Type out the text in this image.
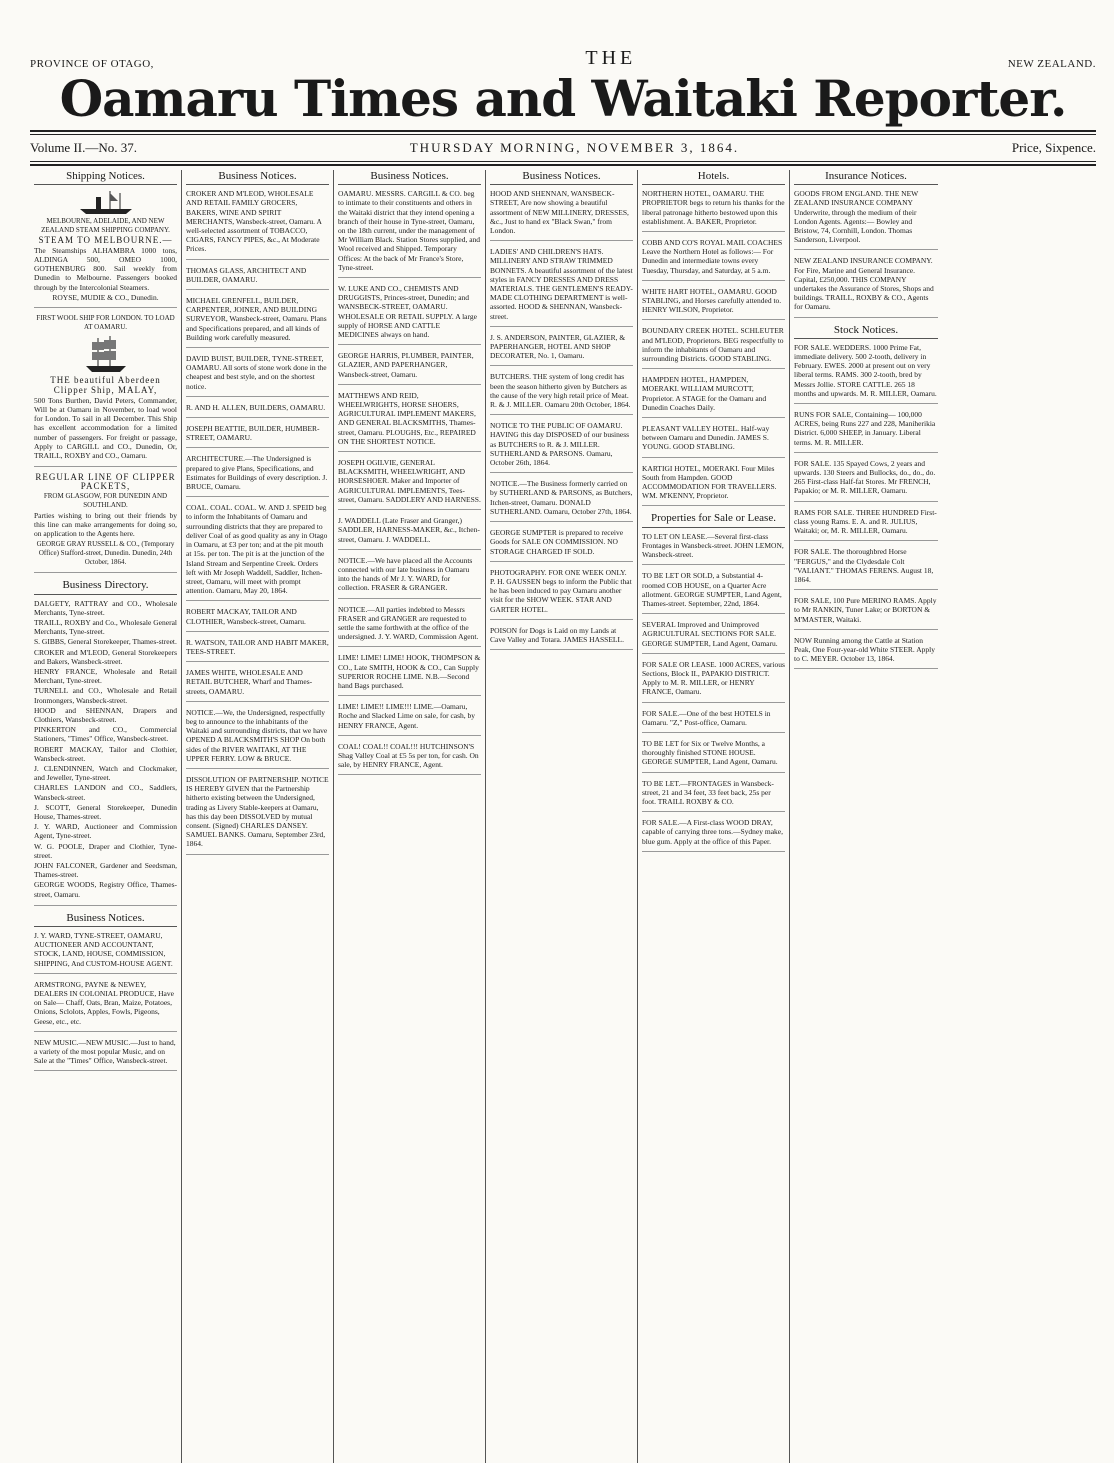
PROVINCE OF OTAGO,	THE	NEW ZEALAND.
Oamaru Times and Waitaki Reporter.
Volume II.—No. 37.	THURSDAY MORNING, NOVEMBER 3, 1864.	Price, Sixpence.
Shipping Notices.
MELBOURNE, ADELAIDE, AND NEW ZEALAND STEAM SHIPPING COMPANY.
STEAM TO MELBOURNE.—

The Steamships ALHAMBRA 1000 tons, ALDINGA 500, OMEO 1000, GOTHENBURG 800. Sail weekly from Dunedin to Melbourne. Passengers booked through by the Intercolonial Steamers.

ROYSE, MUDIE & CO., Dunedin.
FIRST WOOL SHIP FOR LONDON. TO LOAD AT OAMARU.
THE beautiful Aberdeen Clipper Ship, MALAY,

500 Tons Burthen, David Peters, Commander, Will be at Oamaru in November, to load wool for London. To sail in all December. This Ship has excellent accommodation for a limited number of passengers. For freight or passage, Apply to CARGILL and CO., Dunedin, Or, TRAILL, ROXBY and CO., Oamaru.

REGULAR LINE OF CLIPPER PACKETS,
FROM GLASGOW, FOR DUNEDIN AND SOUTHLAND.

Parties wishing to bring out their friends by this line can make arrangements for doing so, on application to the Agents here.

GEORGE GRAY RUSSELL & CO., (Temporary Office) Stafford-street, Dunedin. Dunedin, 24th October, 1864.
Business Directory.

DALGETY, RATTRAY and CO., Wholesale Merchants, Tyne-street.

TRAILL, ROXBY and Co., Wholesale General Merchants, Tyne-street.

S. GIBBS, General Storekeeper, Thames-street.

CROKER and M'LEOD, General Storekeepers and Bakers, Wansbeck-street.

HENRY FRANCE, Wholesale and Retail Merchant, Tyne-street.

TURNELL and CO., Wholesale and Retail Ironmongers, Wansbeck-street.

HOOD and SHENNAN, Drapers and Clothiers, Wansbeck-street.

PINKERTON and CO., Commercial Stationers, "Times" Office, Wansbeck-street.

ROBERT MACKAY, Tailor and Clothier, Wansbeck-street.

J. CLENDINNEN, Watch and Clockmaker, and Jeweller, Tyne-street.

CHARLES LANDON and CO., Saddlers, Wansbeck-street.

J. SCOTT, General Storekeeper, Dunedin House, Thames-street.

J. Y. WARD, Auctioneer and Commission Agent, Tyne-street.

W. G. POOLE, Draper and Clothier, Tyne-street.

JOHN FALCONER, Gardener and Seedsman, Thames-street.

GEORGE WOODS, Registry Office, Thames-street, Oamaru.

Business Notices.
J. Y. WARD, TYNE-STREET, OAMARU, AUCTIONEER AND ACCOUNTANT, STOCK, LAND, HOUSE, COMMISSION, SHIPPING, And CUSTOM-HOUSE AGENT.
ARMSTRONG, PAYNE & NEWEY, DEALERS IN COLONIAL PRODUCE, Have on Sale— Chaff, Oats, Bran, Maize, Potatoes, Onions, Sclolots, Apples, Fowls, Pigeons, Geese, etc., etc.
NEW MUSIC.—NEW MUSIC.—Just to hand, a variety of the most popular Music, and on Sale at the "Times" Office, Wansbeck-street.
Business Notices.
CROKER AND M'LEOD, WHOLESALE AND RETAIL FAMILY GROCERS, BAKERS, WINE AND SPIRIT MERCHANTS, Wansbeck-street, Oamaru. A well-selected assortment of TOBACCO, CIGARS, FANCY PIPES, &c., At Moderate Prices.
THOMAS GLASS, ARCHITECT AND BUILDER, OAMARU.
MICHAEL GRENFELL, BUILDER, CARPENTER, JOINER, AND BUILDING SURVEYOR, Wansbeck-street, Oamaru. Plans and Specifications prepared, and all kinds of Building work carefully measured.
DAVID BUIST, BUILDER, TYNE-STREET, OAMARU. All sorts of stone work done in the cheapest and best style, and on the shortest notice.
R. AND H. ALLEN, BUILDERS, OAMARU.
JOSEPH BEATTIE, BUILDER, HUMBER-STREET, OAMARU.
ARCHITECTURE.—The Undersigned is prepared to give Plans, Specifications, and Estimates for Buildings of every description. J. BRUCE, Oamaru.
COAL. COAL. COAL. W. AND J. SPEID beg to inform the Inhabitants of Oamaru and surrounding districts that they are prepared to deliver Coal of as good quality as any in Otago in Oamaru, at £3 per ton; and at the pit mouth at 15s. per ton. The pit is at the junction of the Island Stream and Serpentine Creek. Orders left with Mr Joseph Waddell, Saddler, Itchen-street, Oamaru, will meet with prompt attention. Oamaru, May 20, 1864.
ROBERT MACKAY, TAILOR AND CLOTHIER, Wansbeck-street, Oamaru.
R. WATSON, TAILOR AND HABIT MAKER, TEES-STREET.
JAMES WHITE, WHOLESALE AND RETAIL BUTCHER, Wharf and Thames-streets, OAMARU.
NOTICE.—We, the Undersigned, respectfully beg to announce to the inhabitants of the Waitaki and surrounding districts, that we have OPENED A BLACKSMITH'S SHOP On both sides of the RIVER WAITAKI, AT THE UPPER FERRY. LOW & BRUCE.
DISSOLUTION OF PARTNERSHIP. NOTICE IS HEREBY GIVEN that the Partnership hitherto existing between the Undersigned, trading as Livery Stable-keepers at Oamaru, has this day been DISSOLVED by mutual consent. (Signed) CHARLES DANSEY. SAMUEL BANKS. Oamaru, September 23rd, 1864.
Business Notices.
OAMARU. MESSRS. CARGILL & CO. beg to intimate to their constituents and others in the Waitaki district that they intend opening a branch of their house in Tyne-street, Oamaru, on the 18th current, under the management of Mr William Black. Station Stores supplied, and Wool received and Shipped. Temporary Offices: At the back of Mr France's Store, Tyne-street.
W. LUKE AND CO., CHEMISTS AND DRUGGISTS, Princes-street, Dunedin; and WANSBECK-STREET, OAMARU. WHOLESALE OR RETAIL SUPPLY. A large supply of HORSE AND CATTLE MEDICINES always on hand.
GEORGE HARRIS, PLUMBER, PAINTER, GLAZIER, AND PAPERHANGER, Wansbeck-street, Oamaru.
MATTHEWS AND REID, WHEELWRIGHTS, HORSE SHOERS, AGRICULTURAL IMPLEMENT MAKERS, AND GENERAL BLACKSMITHS, Thames-street, Oamaru. PLOUGHS, Etc., REPAIRED ON THE SHORTEST NOTICE.
JOSEPH OGILVIE, GENERAL BLACKSMITH, WHEELWRIGHT, AND HORSESHOER. Maker and Importer of AGRICULTURAL IMPLEMENTS, Tees-street, Oamaru. SADDLERY AND HARNESS.
J. WADDELL (Late Fraser and Granger,) SADDLER, HARNESS-MAKER, &c., Itchen-street, Oamaru. J. WADDELL.
NOTICE.—We have placed all the Accounts connected with our late business in Oamaru into the hands of Mr J. Y. WARD, for collection. FRASER & GRANGER.
NOTICE.—All parties indebted to Messrs FRASER and GRANGER are requested to settle the same forthwith at the office of the undersigned. J. Y. WARD, Commission Agent.
LIME! LIME! LIME! HOOK, THOMPSON & CO., Late SMITH, HOOK & CO., Can Supply SUPERIOR ROCHE LIME. N.B.—Second hand Bags purchased.
LIME! LIME!! LIME!!! LIME.—Oamaru, Roche and Slacked Lime on sale, for cash, by HENRY FRANCE, Agent.
COAL! COAL!! COAL!!! HUTCHINSON'S Shag Valley Coal at £5 5s per ton, for cash. On sale, by HENRY FRANCE, Agent.
Business Notices.
HOOD AND SHENNAN, WANSBECK-STREET, Are now showing a beautiful assortment of NEW MILLINERY, DRESSES, &c., Just to hand ex "Black Swan," from London.
LADIES' AND CHILDREN'S HATS. MILLINERY AND STRAW TRIMMED BONNETS. A beautiful assortment of the latest styles in FANCY DRESSES AND DRESS MATERIALS. THE GENTLEMEN'S READY-MADE CLOTHING DEPARTMENT is well-assorted. HOOD & SHENNAN, Wansbeck-street.
J. S. ANDERSON, PAINTER, GLAZIER, & PAPERHANGER, HOTEL AND SHOP DECORATER, No. 1, Oamaru.
BUTCHERS. THE system of long credit has been the season hitherto given by Butchers as the cause of the very high retail price of Meat. R. & J. MILLER. Oamaru 20th October, 1864.
NOTICE TO THE PUBLIC OF OAMARU. HAVING this day DISPOSED of our business as BUTCHERS to R. & J. MILLER. SUTHERLAND & PARSONS. Oamaru, October 26th, 1864.
NOTICE.—The Business formerly carried on by SUTHERLAND & PARSONS, as Butchers, Itchen-street, Oamaru. DONALD SUTHERLAND. Oamaru, October 27th, 1864.
GEORGE SUMPTER is prepared to receive Goods for SALE ON COMMISSION. NO STORAGE CHARGED IF SOLD.
PHOTOGRAPHY. FOR ONE WEEK ONLY. P. H. GAUSSEN begs to inform the Public that he has been induced to pay Oamaru another visit for the SHOW WEEK. STAR AND GARTER HOTEL.
POISON for Dogs is Laid on my Lands at Cave Valley and Totara. JAMES HASSELL.
Hotels.
NORTHERN HOTEL, OAMARU. THE PROPRIETOR begs to return his thanks for the liberal patronage hitherto bestowed upon this establishment. A. BAKER, Proprietor.
COBB AND CO'S ROYAL MAIL COACHES Leave the Northern Hotel as follows:— For Dunedin and intermediate towns every Tuesday, Thursday, and Saturday, at 5 a.m.
WHITE HART HOTEL, OAMARU. GOOD STABLING, and Horses carefully attended to. HENRY WILSON, Proprietor.
BOUNDARY CREEK HOTEL. SCHLEUTER and M'LEOD, Proprietors. BEG respectfully to inform the inhabitants of Oamaru and surrounding Districts. GOOD STABLING.
HAMPDEN HOTEL, HAMPDEN, MOERAKI. WILLIAM MURCOTT, Proprietor. A STAGE for the Oamaru and Dunedin Coaches Daily.
PLEASANT VALLEY HOTEL. Half-way between Oamaru and Dunedin. JAMES S. YOUNG. GOOD STABLING.
KARTIGI HOTEL, MOERAKI. Four Miles South from Hampden. GOOD ACCOMMODATION FOR TRAVELLERS. WM. M'KENNY, Proprietor.
Properties for Sale or Lease.
TO LET ON LEASE.—Several first-class Frontages in Wansbeck-street. JOHN LEMON, Wansbeck-street.
TO BE LET OR SOLD, a Substantial 4-roomed COB HOUSE, on a Quarter Acre allotment. GEORGE SUMPTER, Land Agent, Thames-street. September, 22nd, 1864.
SEVERAL Improved and Unimproved AGRICULTURAL SECTIONS FOR SALE. GEORGE SUMPTER, Land Agent, Oamaru.
FOR SALE OR LEASE. 1000 ACRES, various Sections, Block II., PAPAKIO DISTRICT. Apply to M. R. MILLER, or HENRY FRANCE, Oamaru.
FOR SALE.—One of the best HOTELS in Oamaru. "Z," Post-office, Oamaru.
TO BE LET for Six or Twelve Months, a thoroughly finished STONE HOUSE. GEORGE SUMPTER, Land Agent, Oamaru.
TO BE LET.—FRONTAGES in Wansbeck-street, 21 and 34 feet, 33 feet back, 25s per foot. TRAILL ROXBY & CO.
FOR SALE.—A First-class WOOD DRAY, capable of carrying three tons.—Sydney make, blue gum. Apply at the office of this Paper.
Insurance Notices.
GOODS FROM ENGLAND. THE NEW ZEALAND INSURANCE COMPANY Underwrite, through the medium of their London Agents. Agents:— Bowley and Bristow, 74, Cornhill, London. Thomas Sanderson, Liverpool.
NEW ZEALAND INSURANCE COMPANY. For Fire, Marine and General Insurance. Capital, £250,000. THIS COMPANY undertakes the Assurance of Stores, Shops and buildings. TRAILL, ROXBY & CO., Agents for Oamaru.
Stock Notices.
FOR SALE. WEDDERS. 1000 Prime Fat, immediate delivery. 500 2-tooth, delivery in February. EWES. 2000 at present out on very liberal terms. RAMS. 300 2-tooth, bred by Messrs Jollie. STORE CATTLE. 265 18 months and upwards. M. R. MILLER, Oamaru.
RUNS FOR SALE, Containing— 100,000 ACRES, being Runs 227 and 228, Maniherikia District. 6,000 SHEEP, in January. Liberal terms. M. R. MILLER.
FOR SALE. 135 Spayed Cows, 2 years and upwards. 130 Steers and Bullocks, do., do., do. 265 First-class Half-fat Stores. Mr FRENCH, Papakio; or M. R. MILLER, Oamaru.
RAMS FOR SALE. THREE HUNDRED First-class young Rams. E. A. and R. JULIUS, Waitaki; or, M. R. MILLER, Oamaru.
FOR SALE. The thoroughbred Horse "FERGUS," and the Clydesdale Colt "VALIANT." THOMAS FERENS. August 18, 1864.
FOR SALE, 100 Pure MERINO RAMS. Apply to Mr RANKIN, Tuner Lake; or BORTON & M'MASTER, Waitaki.
NOW Running among the Cattle at Station Peak, One Four-year-old White STEER. Apply to C. MEYER. October 13, 1864.
